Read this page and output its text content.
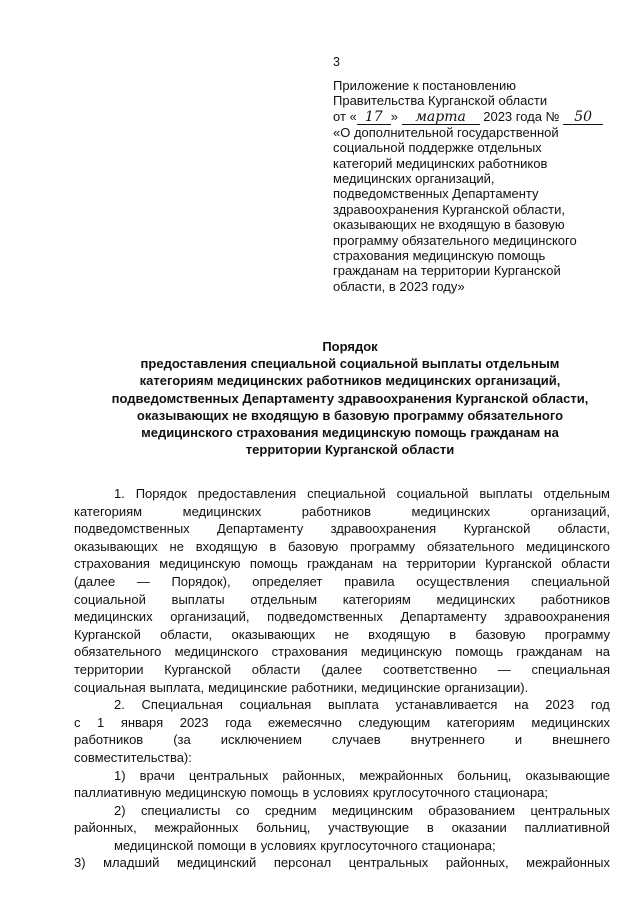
3
Приложение к постановлению
Правительства Курганской области
от « 17 » марта 2023 года № 50
«О дополнительной государственной
социальной поддержке отдельных
категорий медицинских работников
медицинских организаций,
подведомственных Департаменту
здравоохранения Курганской области,
оказывающих не входящую в базовую
программу обязательного медицинского
страхования медицинскую помощь
гражданам на территории Курганской
области, в 2023 году»
Порядок
предоставления специальной социальной выплаты отдельным
категориям медицинских работников медицинских организаций,
подведомственных Департаменту здравоохранения Курганской области,
оказывающих не входящую в базовую программу обязательного
медицинского страхования медицинскую помощь гражданам на
территории Курганской области
1. Порядок предоставления специальной социальной выплаты отдельным
категориям	медицинских	работников	медицинских	организаций,
подведомственных Департаменту здравоохранения Курганской области,
оказывающих не входящую в базовую программу обязательного медицинского
страхования медицинскую помощь гражданам на территории Курганской области
(далее — Порядок), определяет правила осуществления специальной
социальной выплаты отдельным категориям медицинских работников
медицинских организаций, подведомственных Департаменту здравоохранения
Курганской области, оказывающих не входящую в базовую программу
обязательного медицинского страхования медицинскую помощь гражданам на
территории Курганской области (далее соответственно — специальная
социальная выплата, медицинские работники, медицинские организации).
2. Специальная социальная выплата устанавливается на 2023 год
с 1 января 2023 года ежемесячно следующим категориям медицинских
работников (за исключением случаев внутреннего и внешнего
совместительства):
1) врачи центральных районных, межрайонных больниц, оказывающие
паллиативную медицинскую помощь в условиях круглосуточного стационара;
2) специалисты со средним медицинским образованием центральных
районных, межрайонных больниц, участвующие в оказании паллиативной
медицинской помощи в условиях круглосуточного стационара;
3) младший медицинский персонал центральных районных, межрайонных
